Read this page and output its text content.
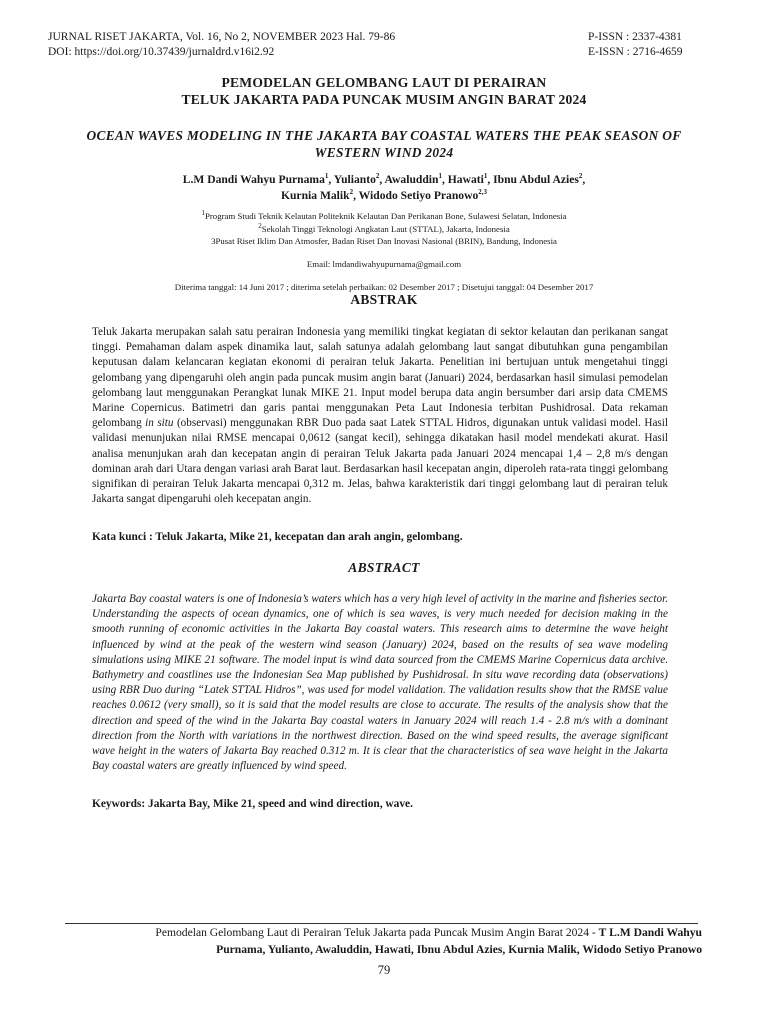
JURNAL RISET JAKARTA, Vol. 16, No 2, NOVEMBER 2023 Hal. 79-86	P-ISSN : 2337-4381
DOI: https://doi.org/10.37439/jurnaldrd.v16i2.92	E-ISSN : 2716-4659
PEMODELAN GELOMBANG LAUT DI PERAIRAN
TELUK JAKARTA PADA PUNCAK MUSIM ANGIN BARAT 2024
OCEAN WAVES MODELING IN THE JAKARTA BAY COASTAL WATERS THE PEAK SEASON OF WESTERN WIND 2024
L.M Dandi Wahyu Purnama$^1$, Yulianto$^2$, Awaluddin$^1$, Hawati$^1$, Ibnu Abdul Azies$^2$,
Kurnia Malik$^2$, Widodo Setiyo Pranowo$^{2,3}$
$^1$Program Studi Teknik Kelautan Politeknik Kelautan Dan Perikanan Bone, Sulawesi Selatan, Indonesia
$^2$Sekolah Tinggi Teknologi Angkatan Laut (STTAL), Jakarta, Indonesia
3Pusat Riset Iklim Dan Atmosfer, Badan Riset Dan Inovasi Nasional (BRIN), Bandung, Indonesia
Email: lmdandiwahyupurnama@gmail.com
Diterima tanggal: 14 Juni 2017 ; diterima setelah perbaikan: 02 Desember 2017 ; Disetujui tanggal: 04 Desember 2017
ABSTRAK
Teluk Jakarta merupakan salah satu perairan Indonesia yang memiliki tingkat kegiatan di sektor kelautan dan perikanan sangat tinggi. Pemahaman dalam aspek dinamika laut, salah satunya adalah gelombang laut sangat dibutuhkan guna pengambilan keputusan dalam kelancaran kegiatan ekonomi di perairan teluk Jakarta. Penelitian ini bertujuan untuk mengetahui tinggi gelombang yang dipengaruhi oleh angin pada puncak musim angin barat (Januari) 2024, berdasarkan hasil simulasi pemodelan gelombang laut menggunakan Perangkat lunak MIKE 21. Input model berupa data angin bersumber dari arsip data CMEMS Marine Copernicus. Batimetri dan garis pantai menggunakan Peta Laut Indonesia terbitan Pushidrosal. Data rekaman gelombang in situ (observasi) menggunakan RBR Duo pada saat Latek STTAL Hidros, digunakan untuk validasi model. Hasil validasi menunjukan nilai RMSE mencapai 0,0612 (sangat kecil), sehingga dikatakan hasil model mendekati akurat. Hasil analisa menunjukan arah dan kecepatan angin di perairan Teluk Jakarta pada Januari 2024 mencapai 1,4 – 2,8 m/s dengan dominan arah dari Utara dengan variasi arah Barat laut. Berdasarkan hasil kecepatan angin, diperoleh rata-rata tinggi gelombang signifikan di perairan Teluk Jakarta mencapai 0,312 m. Jelas, bahwa karakteristik dari tinggi gelombang laut di perairan teluk Jakarta sangat dipengaruhi oleh kecepatan angin.
Kata kunci : Teluk Jakarta, Mike 21, kecepatan dan arah angin, gelombang.
ABSTRACT
Jakarta Bay coastal waters is one of Indonesia’s waters which has a very high level of activity in the marine and fisheries sector. Understanding the aspects of ocean dynamics, one of which is sea waves, is very much needed for decision making in the smooth running of economic activities in the Jakarta Bay coastal waters. This research aims to determine the wave height influenced by wind at the peak of the western wind season (January) 2024, based on the results of sea wave modeling simulations using MIKE 21 software. The model input is wind data sourced from the CMEMS Marine Copernicus data archive. Bathymetry and coastlines use the Indonesian Sea Map published by Pushidrosal. In situ wave recording data (observations) using RBR Duo during “Latek STTAL Hidros”, was used for model validation. The validation results show that the RMSE value reaches 0.0612 (very small), so it is said that the model results are close to accurate. The results of the analysis show that the direction and speed of the wind in the Jakarta Bay coastal waters in January 2024 will reach 1.4 - 2.8 m/s with a dominant direction from the North with variations in the northwest direction. Based on the wind speed results, the average significant wave height in the waters of Jakarta Bay reached 0.312 m. It is clear that the characteristics of sea wave height in the Jakarta Bay coastal waters are greatly influenced by wind speed.
Keywords: Jakarta Bay, Mike 21, speed and wind direction, wave.
Pemodelan Gelombang Laut di Perairan Teluk Jakarta pada Puncak Musim Angin Barat 2024 - T L.M Dandi Wahyu
Purnama, Yulianto, Awaluddin, Hawati, Ibnu Abdul Azies, Kurnia Malik, Widodo Setiyo Pranowo
79
